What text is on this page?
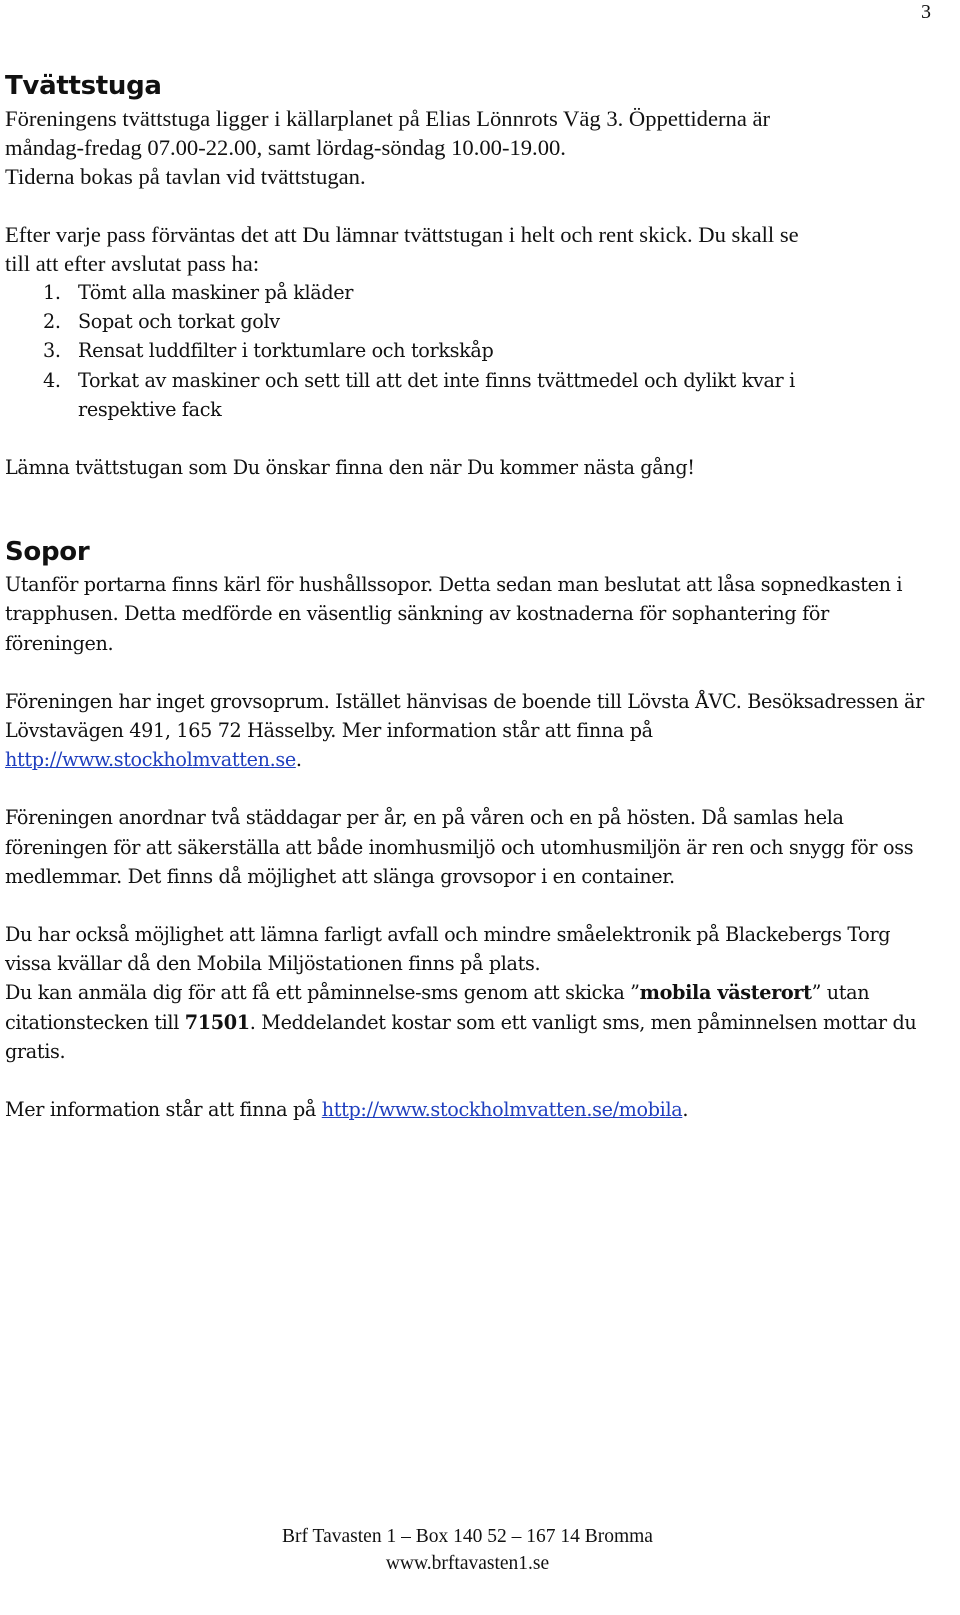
3
Tvättstuga
Föreningens tvättstuga ligger i källarplanet på Elias Lönnrots Väg 3. Öppettiderna är
måndag-fredag 07.00-22.00, samt lördag-söndag 10.00-19.00.
Tiderna bokas på tavlan vid tvättstugan.
Efter varje pass förväntas det att Du lämnar tvättstugan i helt och rent skick. Du skall se
till att efter avslutat pass ha:
1. Tömt alla maskiner på kläder
2. Sopat och torkat golv
3. Rensat luddfilter i torktumlare och torkskåp
4. Torkat av maskiner och sett till att det inte finns tvättmedel och dylikt kvar i respektive fack

Lämna tvättstugan som Du önskar finna den när Du kommer nästa gång!

Sopor

Utanför portarna finns kärl för hushållssopor. Detta sedan man beslutat att låsa sopnedkasten i trapphusen. Detta medförde en väsentlig sänkning av kostnaderna för sophantering för föreningen.

Föreningen har inget grovsoprum. Istället hänvisas de boende till Lövsta ÅVC. Besöksadressen är Lövstavägen 491, 165 72 Hässelby. Mer information står att finna på http://www.stockholmvatten.se.

Föreningen anordnar två städdagar per år, en på våren och en på hösten. Då samlas hela föreningen för att säkerställa att både inomhusmiljö och utomhusmiljön är ren och snygg för oss medlemmar. Det finns då möjlighet att slänga grovsopor i en container.

Du har också möjlighet att lämna farligt avfall och mindre småelektronik på Blackebergs Torg vissa kvällar då den Mobila Miljöstationen finns på plats.

Du kan anmäla dig för att få ett påminnelse-sms genom att skicka ”mobila västerort” utan citationstecken till 71501. Meddelandet kostar som ett vanligt sms, men påminnelsen mottar du gratis.

Mer information står att finna på http://www.stockholmvatten.se/mobila.

Brf Tavasten 1 – Box 140 52 – 167 14 Bromma
www.brftavasten1.se
